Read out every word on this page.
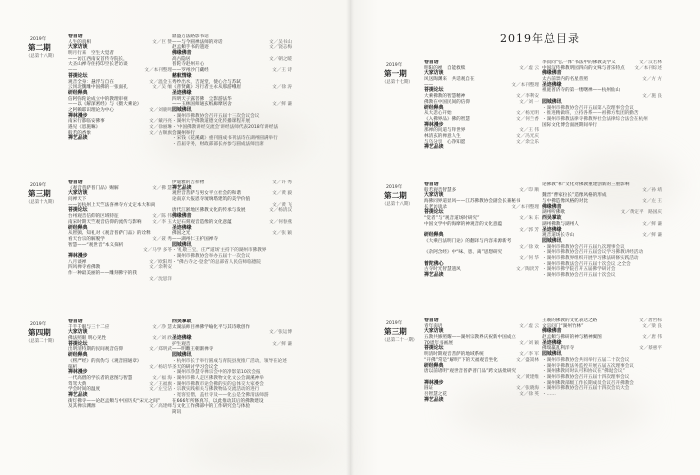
2019年总目录
2019年
第二期
（总第十八期）
卷首语
人生的真相	文／巨 赞
大家访谈
明月行来　空生大觉者
——访江西南安首传寺院长，
大圣山禅寺住持印空长老访谈
——	文／本刊整理
菩提论坛
观音全身：悬浮与自在	文／温金玉
云冈北魏雕中国佛的一张面孔	文／吴 缅
研经释典
信阿弥陀论成立中的教理审视
——以《解深密经》与《摄大乘论》
之阿赖耶识理论为中心	文／刘鹿鸣
禅林漫步
南宋行都临安佛事	文／戴丹亮
遇见《恩施嘛》	文／徐丽琳
般若的香象	文／古顺旗
禅艺品读
鼎盛万法路影书话
——与今圆禅法师的对话	文／吴书山
赵孟頫手书的遗迹	文／饶志梅
佛缘佛音
高古隐居	文／朝之暖
普陀寺赵州开心
——罗州沙门藏经	文／王 诗
慈航情缘
秀纱出水，吉泥堂，使心合与苏轼
《普贤藏》习行者主永从那游峨眉	文／徐 涛
圣迹佛缘
四明天子露菩佛　尘影游法华
——玉林国师通玄纸廊摩居舍	文／鲜 谦
园城佛讯
・湖州市佛教协会召开五届十三次会议会议
・湖州大学佛教道德文化传播课程开展
・'中国佛教讲经交流会'讲经法师代表2018年讲经法
会湖州举行
・宋钱《花溪藏》重刊圆成书刊法诗在湖州圆满举行
・首届寺务，财政部部长亦参与圆成法师出席
2019年
第三期
（总第十九期）
卷首语
《观音普萨普门品》赐解	文／佛 慧
大家访谈
问禅天下
——访杭州上天竺法喜禅寺方丈定本大和尚
菩提论坛
台州观音信仰的区域特征	文／陈 伟
南宋时期天竺观音信仰的流传与影响	文／李 玉
研经释典
从智顗、知礼对《观音普萨门品》的诠释
看天台宗的解脱学	文／聂 秀
智慧——“观世音”本义探析
文／马学 多苓
禅林漫步
八月谈禅	文／欧阳周
四风禅寺看佛教	文／余利安
作一种最美丽的——雕刻佛字的我
文／沈思洋
伊迪雅的吉祥物	文／许 秀
禅艺品读
观世音菩萨与男女平立社会的和谐	文／黄 毅
论南京大报恩寺琉璃塔建筑的美学价值
文／黄 飞
唐代江浙地区佛教文化的传承与发展	文／杨清汉
佛缘佛音
大足石刻观音造像的文化意蕴	文／何春燕
圣迹佛缘
佛国之光	文／张 颖
——湖州仁王护国禅寺
园城佛讯
・'礼敬三宝，庄严道场'主持下的湖州市佛教界
・湖州市佛教协会举办五届十一次会议
・“佛古寺之·登金”的总部省人民信师临德院
2019年
第四期
（总第二十期）
卷首语
千手千眼与三十二应	文／净 慧
大家访谈
佛法照眼 明心见性	文／刘 欣
菩提论坛
出明清特期的民间观音信仰	文／郑明武
研经释典
《楞严经》的真伪与《观音圆通章》
探析	文／杨培华
禅林漫步
一代高僧的学长者的意图与智慧	文／福 海
驾驾大典	文／王福旗
学会时间的温度	文／左宝洁
禅艺品读
街灯佛寺——论赵孟頫与中国历史“宋元之间”
及其禅宗渊源	文／高建峰
西吴掌故
太湖法师目禅佛学喻化平与其诗歌创作
文／张运博
圣迹佛缘
护生观音	文／鲜 谦
——明雕王朝渐禅寺
园城佛讯
・杭州市长于举行圆成与青院县度推广活动，领导在论述
圣天的研讨学习会议全
・湖州市净慧寺禅宗会中的净影第10次会报
・湖州市佛人走区佛教物文化文公会湖溪神举
・湖州市佛教市论会佛的实的总体交大家委会
・宗教实践相关与佛教物品交流活动的进行
・宽客室僧，盖社寺及——化公是全佛清法师游
在666年所修真写，以此推动其后的佛教建设
与文化工作佛部中的工作研究会与体验
简讯
2019年
第一期
（总第十七期）
卷首语
明阳的禅　自能救赎	文／虚 云
大家访谈
风送陶渊来　共话观自在
——	文／本刊整理
菩提论坛
大乘佛教的智慧精神	文／李利安
佛教在中国民间的信仰	文／刘 一
研经释典
从大悲心开始	文／杨光明
《入佛界品》佛的智慧	文／何兰香
禅林漫步
那禅的问道与拜世界	文／王 伟
林清玄的禅意人生	文／冯光庆
与乌分享　心净知愿	文／余尘乐
禅艺品读
李叔同“弘一体”书法中的佛教美学义	文／汉若林
中国汉传佛教明园四向的文殊与普乐特点	文／本刊综述
佛缘佛音
太古前景内的名星普照	文／方 方
圣迹佛缘
祖庭普济寺的第一缕曙禅——杭州仙山
文／施 良
园城佛讯
・湖州市佛教协会召开五届第八次理事会会议
・推进精做班，立持各系——祖佛方集团的勤苦
・湖州市佛教法律寺佛教界社会法律综合法会在杭州
国际文化博会面展期间举行
2019年
第二期
（总第十八期）
卷首语
般若观音智慧多	文／印 顺
大家访谈
海佛同界道显风——江苏佛教协会副会长兼秘书
长老访谈录	文／本刊整理
菩提论坛
“觉者”与“观音道场时研究”	文／朱 东
中国文学中的海摩的神观音的文化意蕴
文／郭 芳
研经释典
《大乘百法明门论》的翻译与内容来源新考
文／徐 欢
《杂阿含经》中“味、患、离”思想研究
文／何 华
普陀佛心
古寺时光智慧遗风	文／陶淡芳
禅艺品读
论佛教“和”文化对佛教重建创新的三重影响
文／孙 靖
魏晋“曹家拉长”造像风格的形成
与中佛造像风格的对比	文／左 王
佛缘佛音
湖州听佛歌	文／黄定平　路国庆
西吴掌故
湖州佛教与湖州人	文／鲜 谦
圣迹佛缘
观音道场长寺山	文／鲜 谦
园城佛讯
・湖州市佛教协会召开五届九次理事会议
・湖州市佛教协会召开五届会议学习佛教讲经活动
・湖州市佛教界组织开展学习佛法研修实践活动
・湖州市佛教法会召开五届十次会议 之全会
・湖州市佛学院召开五届佛学研讨会
・湖州市佛教协会召开五届十次会议
2019年
第三期
（总第二十一期）
卷首语
青年南语	文／虚 云
大家访谈
五教共修照耀——湖州宗教界庆祝新中国成立
70周年书画展	文／刘 颖
菩提论坛
明清时期观音菩萨的地域系统	文／李 军
“开佛”常是“解明”下的天福观音坐化	文／盛嵩林
研经释典
唐以前诸明“观世音普萨普门品”跨文法批研究
文／黄建维
禅林漫步
圆证	文／张晓海
吾智慧之花	文／徐 英
禅艺品读
王羲的佛教的文化表达之路	文／唐哲标
文宗问门“湖州竹林”	文／梁 良
佛缘佛音
赵孟頫与佛研的神与精神翼图	文／唐 伟
圣迹佛缘
佛瑞赢乱利洋寺	文／蔡惠平
园城佛讯
・湖州市佛教协会共同举行五届二十次会议
・湖州寺佛教法务监控开展五届五次理事会议
・湖州佛教同时认可和协议在“佛诞会议”
・湖州市佛教协会召开五届十四次理事会议
・湖州佛教部级工作长期成员会议召开佛教会
・湖州市佛教协会召开五届十四次会员大会
・……
